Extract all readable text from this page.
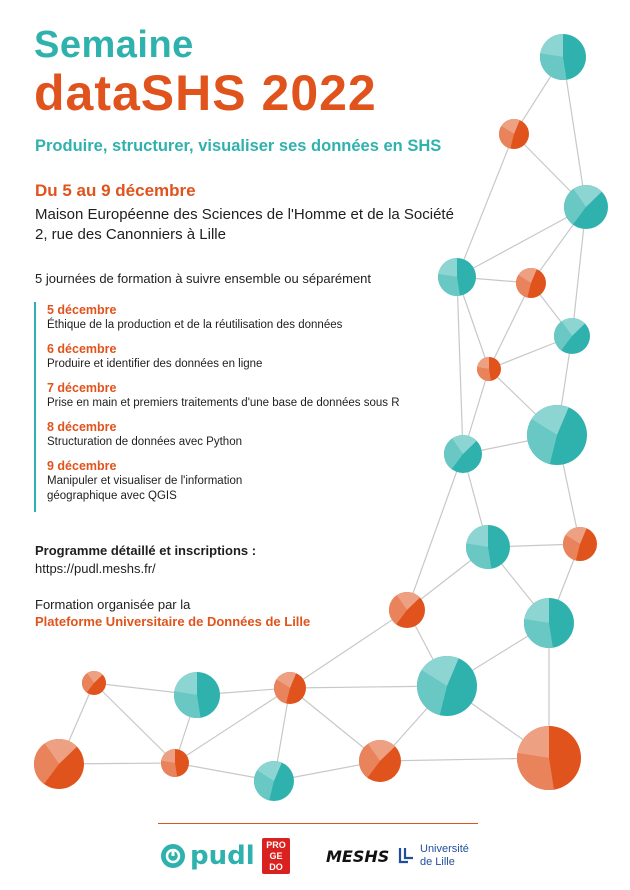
Semaine
dataSHS 2022
Produire, structurer, visualiser ses données en SHS
Du 5 au 9 décembre
Maison Européenne des Sciences de l'Homme et de la Société
2, rue des Canonniers à Lille
5 journées de formation à suivre ensemble ou séparément
5 décembre
Éthique de la production et de la réutilisation des données
6 décembre
Produire et identifier des données en ligne
7 décembre
Prise en main et premiers traitements d'une base de données sous R
8 décembre
Structuration de données avec Python
9 décembre
Manipuler et visualiser de l'information
géographique avec QGIS
Programme détaillé et inscriptions :
https://pudl.meshs.fr/
Formation organisée par la
Plateforme Universitaire de Données de Lille
pudl	PRO
GE
DO
MESHS	Université
de Lille
